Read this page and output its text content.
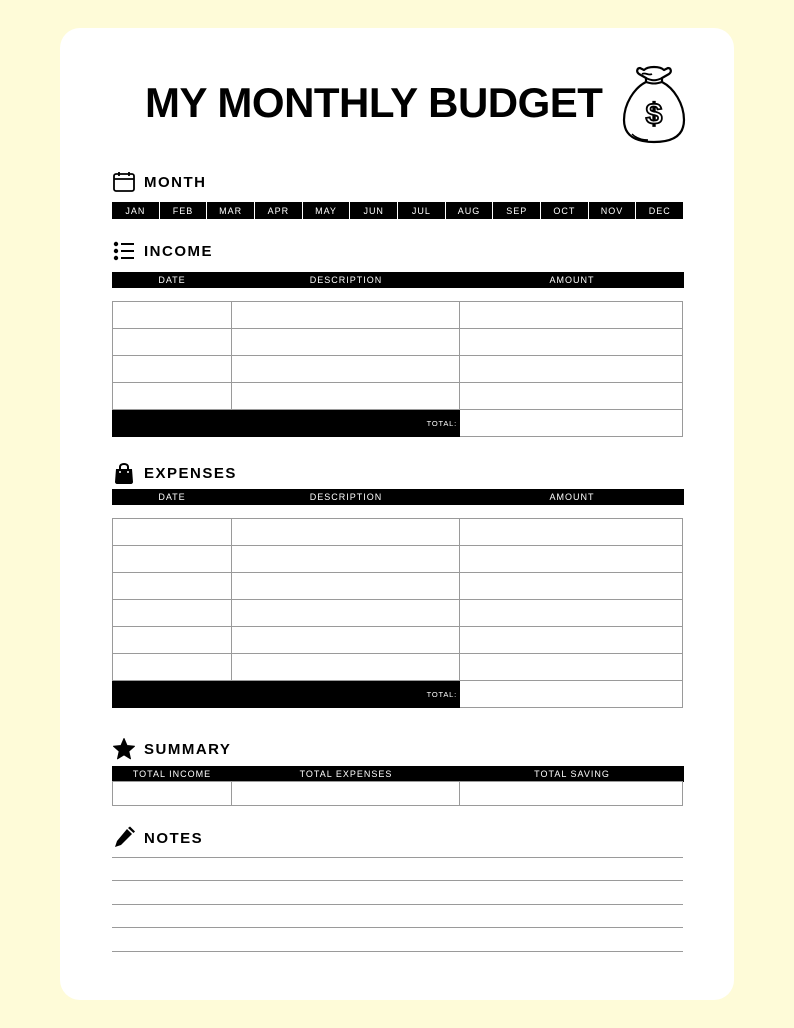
MY MONTHLY BUDGET $
MONTH
JAN	FEB	MAR	APR	MAY	JUN	JUL	AUG	SEP	OCT	NOV	DEC
INCOME
DATE	DESCRIPTION	AMOUNT

TOTAL:		
EXPENSES
DATE	DESCRIPTION	AMOUNT

TOTAL:		
SUMMARY
TOTAL INCOME	TOTAL EXPENSES	TOTAL SAVING

NOTES
